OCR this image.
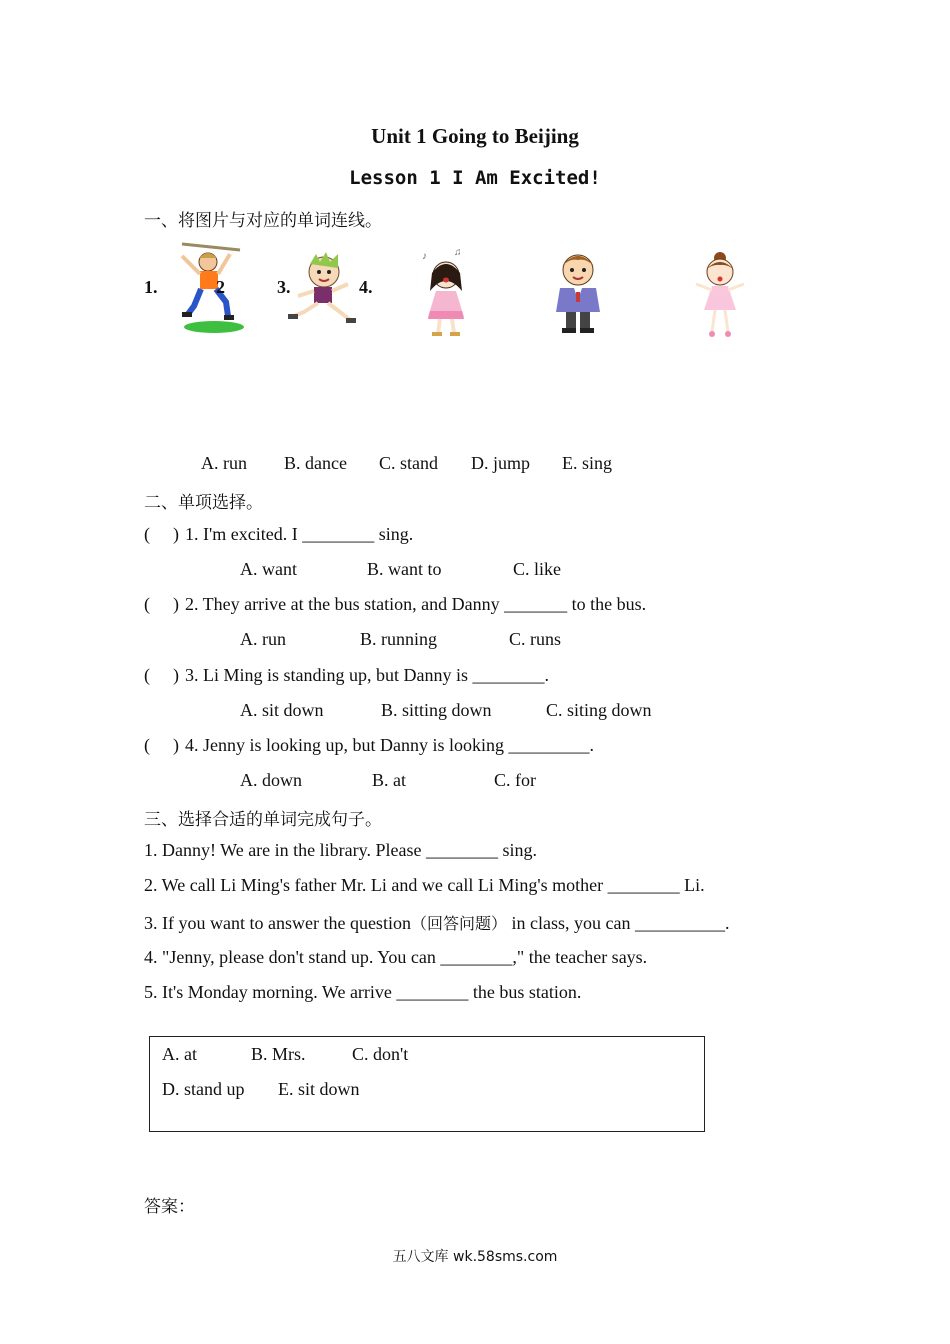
Unit 1 Going to Beijing
Lesson 1 I Am Excited!
一、将图片与对应的单词连线。
1.	2	3.	4.
♪	♫
A. run B. dance C. stand D. jump E. sing
二、单项选择。
( ) 1. I'm excited. I ________ sing.
A. want	B. want to	C. like
( ) 2. They arrive at the bus station, and Danny _______ to the bus.
A. run	B. running	C. runs
( ) 3. Li Ming is standing up, but Danny is ________.
A. sit down	B. sitting down	C. siting down
( ) 4. Jenny is looking up, but Danny is looking _________.
A. down	B. at	C. for
三、选择合适的单词完成句子。
1. Danny! We are in the library. Please ________ sing.
2. We call Li Ming's father Mr. Li and we call Li Ming's mother ________ Li.
3. If you want to answer the question（回答问题） in class, you can __________.
4. "Jenny, please don't stand up. You can ________," the teacher says.
5. It's Monday morning. We arrive ________ the bus station.
A. at	B. Mrs.	C. don't
D. stand up E. sit down
答案：
五八文库 wk.58sms.com
